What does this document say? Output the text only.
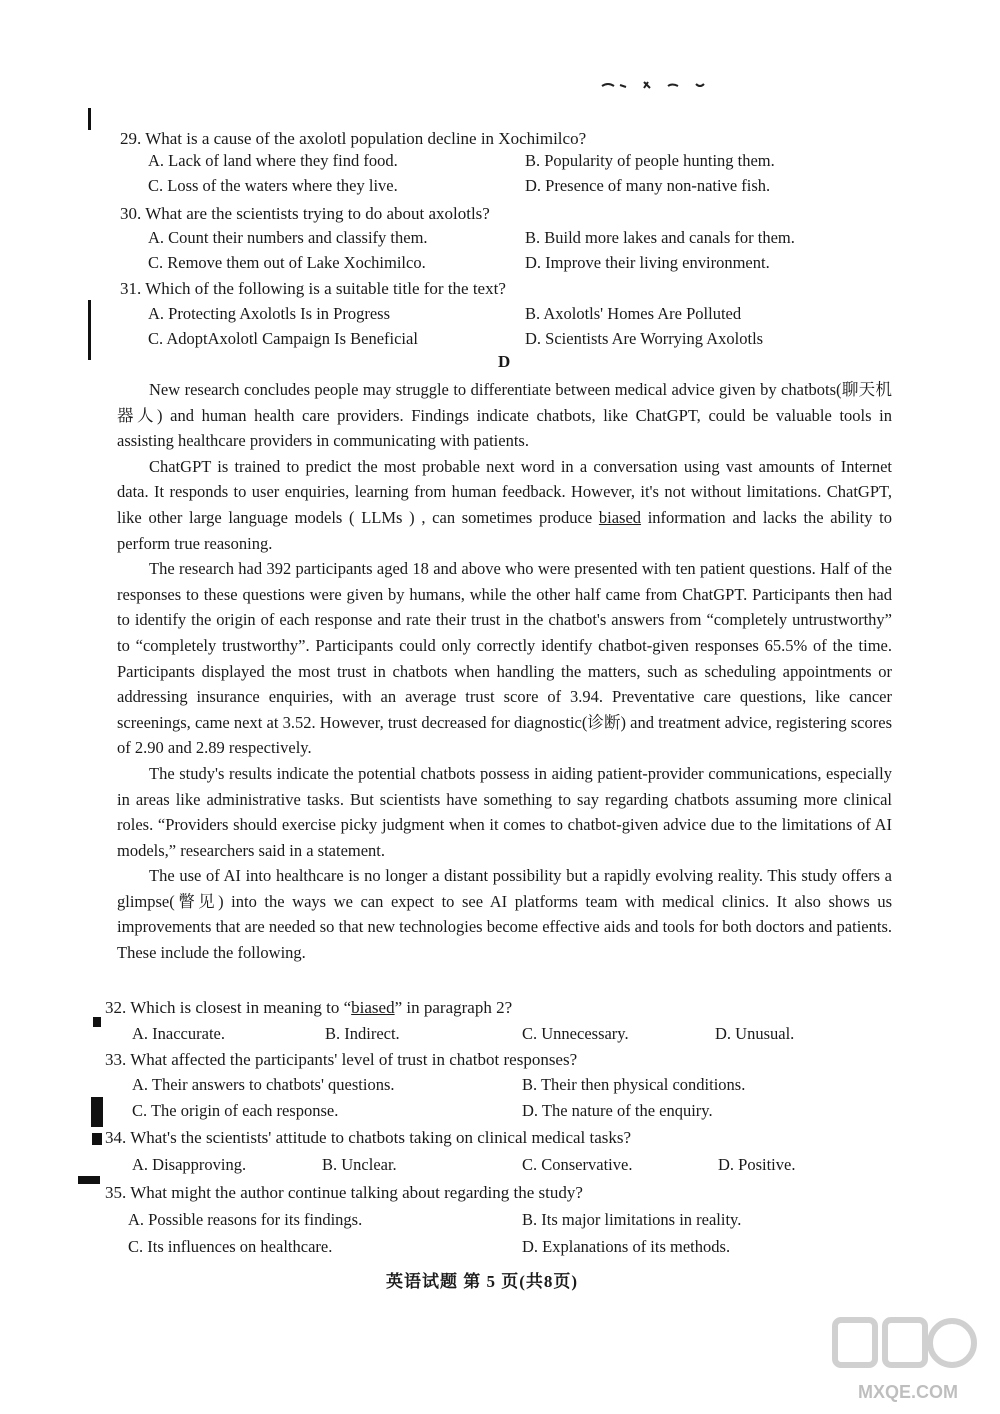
29. What is a cause of the axolotl population decline in Xochimilco?
A. Lack of land where they find food.	B. Popularity of people hunting them.
C. Loss of the waters where they live.	D. Presence of many non-native fish.
30. What are the scientists trying to do about axolotls?
A. Count their numbers and classify them.	B. Build more lakes and canals for them.
C. Remove them out of Lake Xochimilco.	D. Improve their living environment.
31. Which of the following is a suitable title for the text?
A. Protecting Axolotls Is in Progress	B. Axolotls' Homes Are Polluted
C. AdoptAxolotl Campaign Is Beneficial	D. Scientists Are Worrying Axolotls
D

New research concludes people may struggle to differentiate between medical advice given by chatbots(聊天机器人) and human health care providers. Findings indicate chatbots, like ChatGPT, could be valuable tools in assisting healthcare providers in communicating with patients.

ChatGPT is trained to predict the most probable next word in a conversation using vast amounts of Internet data. It responds to user enquiries, learning from human feedback. However, it's not without limitations. ChatGPT, like other large language models ( LLMs ) , can sometimes produce biased information and lacks the ability to perform true reasoning.

The research had 392 participants aged 18 and above who were presented with ten patient questions. Half of the responses to these questions were given by humans, while the other half came from ChatGPT. Participants then had to identify the origin of each response and rate their trust in the chatbot's answers from “completely untrustworthy” to “completely trustworthy”. Participants could only correctly identify chatbot-given responses 65.5% of the time. Participants displayed the most trust in chatbots when handling the matters, such as scheduling appointments or addressing insurance enquiries, with an average trust score of 3.94. Preventative care questions, like cancer screenings, came next at 3.52. However, trust decreased for diagnostic(诊断) and treatment advice, registering scores of 2.90 and 2.89 respectively.

The study's results indicate the potential chatbots possess in aiding patient-provider communications, especially in areas like administrative tasks. But scientists have something to say regarding chatbots assuming more clinical roles. “Providers should exercise picky judgment when it comes to chatbot-given advice due to the limitations of AI models,” researchers said in a statement.

The use of AI into healthcare is no longer a distant possibility but a rapidly evolving reality. This study offers a glimpse(瞥见) into the ways we can expect to see AI platforms team with medical clinics. It also shows us improvements that are needed so that new technologies become effective aids and tools for both doctors and patients. These include the following.

32. Which is closest in meaning to “biased” in paragraph 2?
A. Inaccurate.	B. Indirect.	C. Unnecessary.	D. Unusual.
33. What affected the participants' level of trust in chatbot responses?
A. Their answers to chatbots' questions.	B. Their then physical conditions.
C. The origin of each response.	D. The nature of the enquiry.
34. What's the scientists' attitude to chatbots taking on clinical medical tasks?
A. Disapproving.	B. Unclear.	C. Conservative.	D. Positive.
35. What might the author continue talking about regarding the study?
A. Possible reasons for its findings.	B. Its major limitations in reality.
C. Its influences on healthcare.	D. Explanations of its methods.
英语试题 第 5 页(共8页)
MXQE.COM
